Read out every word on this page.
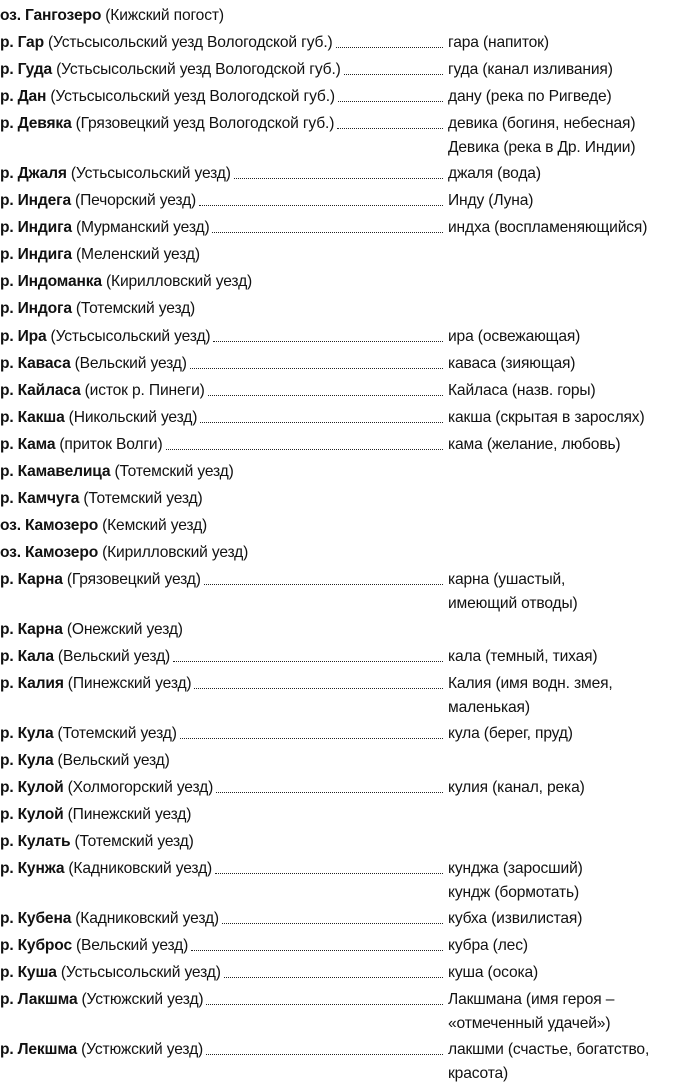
оз. Гангозеро (Кижский погост)
р. Гар (Устьсысольский уезд Вологодской губ.)	гара (напиток)
р. Гуда (Устьсысольский уезд Вологодской губ.)	гуда (канал изливания)
р. Дан (Устьсысольский уезд Вологодской губ.)	дану (река по Ригведе)
р. Девяка (Грязовецкий уезд Вологодской губ.)	девика (богиня, небесная)
Девика (река в Др. Индии)
р. Джаля (Устьсысольский уезд)	джаля (вода)
р. Индега (Печорский уезд)	Инду (Луна)
р. Индига (Мурманский уезд)	индха (воспламеняющийся)
р. Индига (Меленский уезд)
р. Индоманка (Кирилловский уезд)
р. Индога (Тотемский уезд)
р. Ира (Устьсысольский уезд)	ира (освежающая)
р. Каваса (Вельский уезд)	каваса (зияющая)
р. Кайласа (исток р. Пинеги)	Кайласа (назв. горы)
р. Какша (Никольский уезд)	какша (скрытая в зарослях)
р. Кама (приток Волги)	кама (желание, любовь)
р. Камавелица (Тотемский уезд)
р. Камчуга (Тотемский уезд)
оз. Камозеро (Кемский уезд)
оз. Камозеро (Кирилловский уезд)
р. Карна (Грязовецкий уезд)	карна (ушастый,
имеющий отводы)
р. Карна (Онежский уезд)
р. Кала (Вельский уезд)	кала (темный, тихая)
р. Калия (Пинежский уезд)	Калия (имя водн. змея,
маленькая)
р. Кула (Тотемский уезд)	кула (берег, пруд)
р. Кула (Вельский уезд)
р. Кулой (Холмогорский уезд)	кулия (канал, река)
р. Кулой (Пинежский уезд)
р. Кулать (Тотемский уезд)
р. Кунжа (Кадниковский уезд)	кунджа (заросший)
кундж (бормотать)
р. Кубена (Кадниковский уезд)	кубха (извилистая)
р. Куброс (Вельский уезд)	кубра (лес)
р. Куша (Устьсысольский уезд)	куша (осока)
р. Лакшма (Устюжский уезд)	Лакшмана (имя героя –
«отмеченный удачей»)
р. Лекшма (Устюжский уезд)	лакшми (счастье, богатство,
красота)
